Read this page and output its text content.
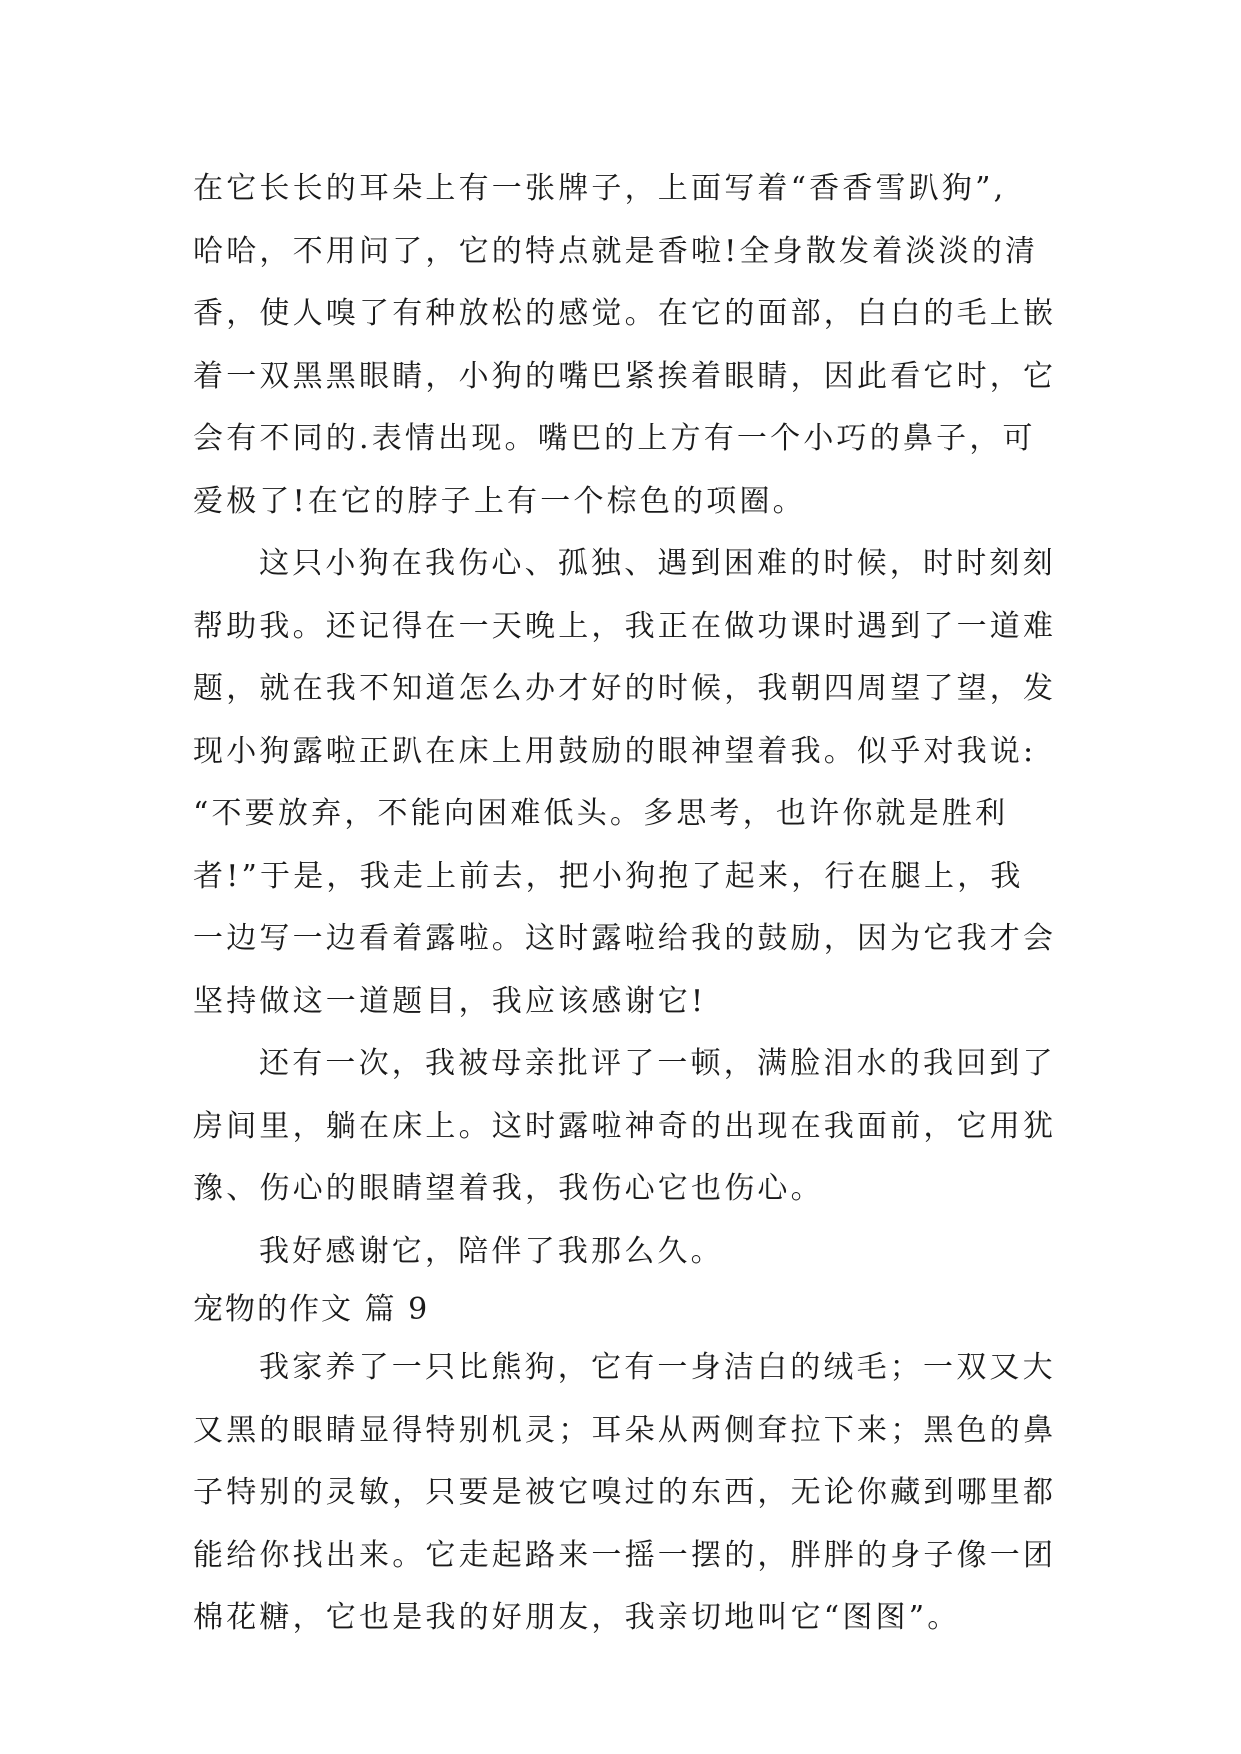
在它长长的耳朵上有一张牌子，上面写着“香香雪趴狗”,
哈哈，不用问了，它的特点就是香啦!全身散发着淡淡的清
香，使人嗅了有种放松的感觉。在它的面部，白白的毛上嵌
着一双黑黑眼睛，小狗的嘴巴紧挨着眼睛，因此看它时，它
会有不同的.表情出现。嘴巴的上方有一个小巧的鼻子，可
爱极了!在它的脖子上有一个棕色的项圈。
这只小狗在我伤心、孤独、遇到困难的时候，时时刻刻
帮助我。还记得在一天晚上，我正在做功课时遇到了一道难
题，就在我不知道怎么办才好的时候，我朝四周望了望，发
现小狗露啦正趴在床上用鼓励的眼神望着我。似乎对我说:
“不要放弃，不能向困难低头。多思考，也许你就是胜利
者!”于是，我走上前去，把小狗抱了起来，行在腿上，我
一边写一边看着露啦。这时露啦给我的鼓励，因为它我才会
坚持做这一道题目，我应该感谢它!
还有一次，我被母亲批评了一顿，满脸泪水的我回到了
房间里，躺在床上。这时露啦神奇的出现在我面前，它用犹
豫、伤心的眼睛望着我，我伤心它也伤心。
我好感谢它，陪伴了我那么久。
宠物的作文 篇 9
我家养了一只比熊狗，它有一身洁白的绒毛；一双又大
又黑的眼睛显得特别机灵；耳朵从两侧耷拉下来；黑色的鼻
子特别的灵敏，只要是被它嗅过的东西，无论你藏到哪里都
能给你找出来。它走起路来一摇一摆的，胖胖的身子像一团
棉花糖，它也是我的好朋友，我亲切地叫它“图图”。
